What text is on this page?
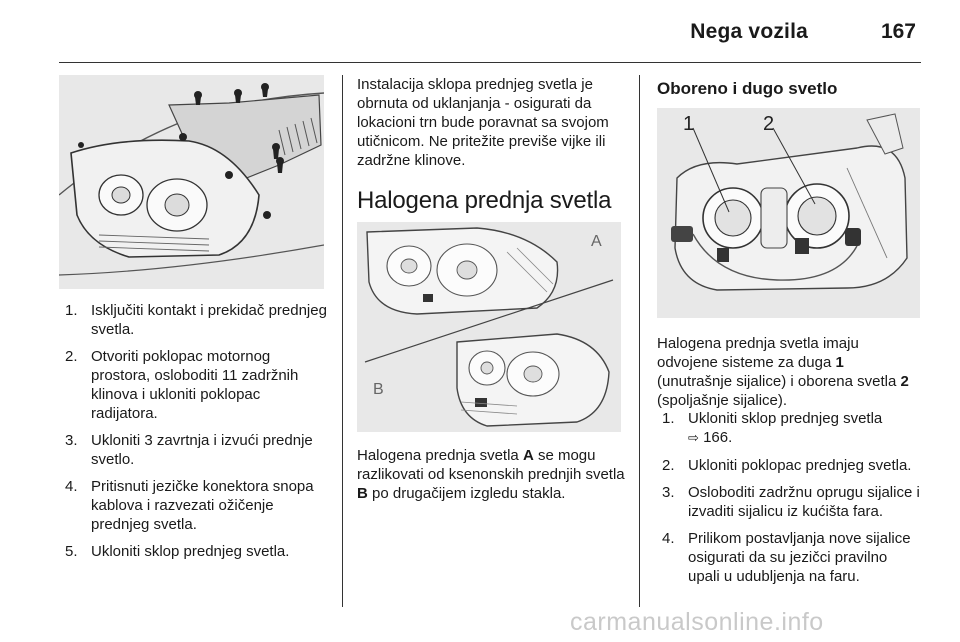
Nega vozila	167
1. Isključiti kontakt i prekidač prednjeg svetla.
2. Otvoriti poklopac motornog prostora, osloboditi 11 zadržnih klinova i ukloniti poklopac radijatora.
3. Ukloniti 3 zavrtnja i izvući prednje svetlo.
4. Pritisnuti jezičke konektora snopa kablova i razvezati ožičenje prednjeg svetla.
5. Ukloniti sklop prednjeg svetla.

Instalacija sklopa prednjeg svetla je obrnuta od uklanjanja - osigurati da lokacioni trn bude poravnat sa svojom utičnicom. Ne pritežite previše vijke ili zadržne klinove.

Halogena prednja svetla
A
B

Halogena prednja svetla A se mogu razlikovati od ksenonskih prednjih svetla B po drugačijem izgledu stakla.

Oboreno i dugo svetlo
1	2

Halogena prednja svetla imaju odvojene sisteme za duga 1 (unutrašnje sijalice) i oborena svetla 2 (spoljašnje sijalice).

1. Ukloniti sklop prednjeg svetla
⇨ 166.
2. Ukloniti poklopac prednjeg svetla.
3. Osloboditi zadržnu oprugu sijalice i izvaditi sijalicu iz kućišta fara.
4. Prilikom postavljanja nove sijalice osigurati da su jezičci pravilno upali u udubljenja na faru.
carmanualsonline.info
